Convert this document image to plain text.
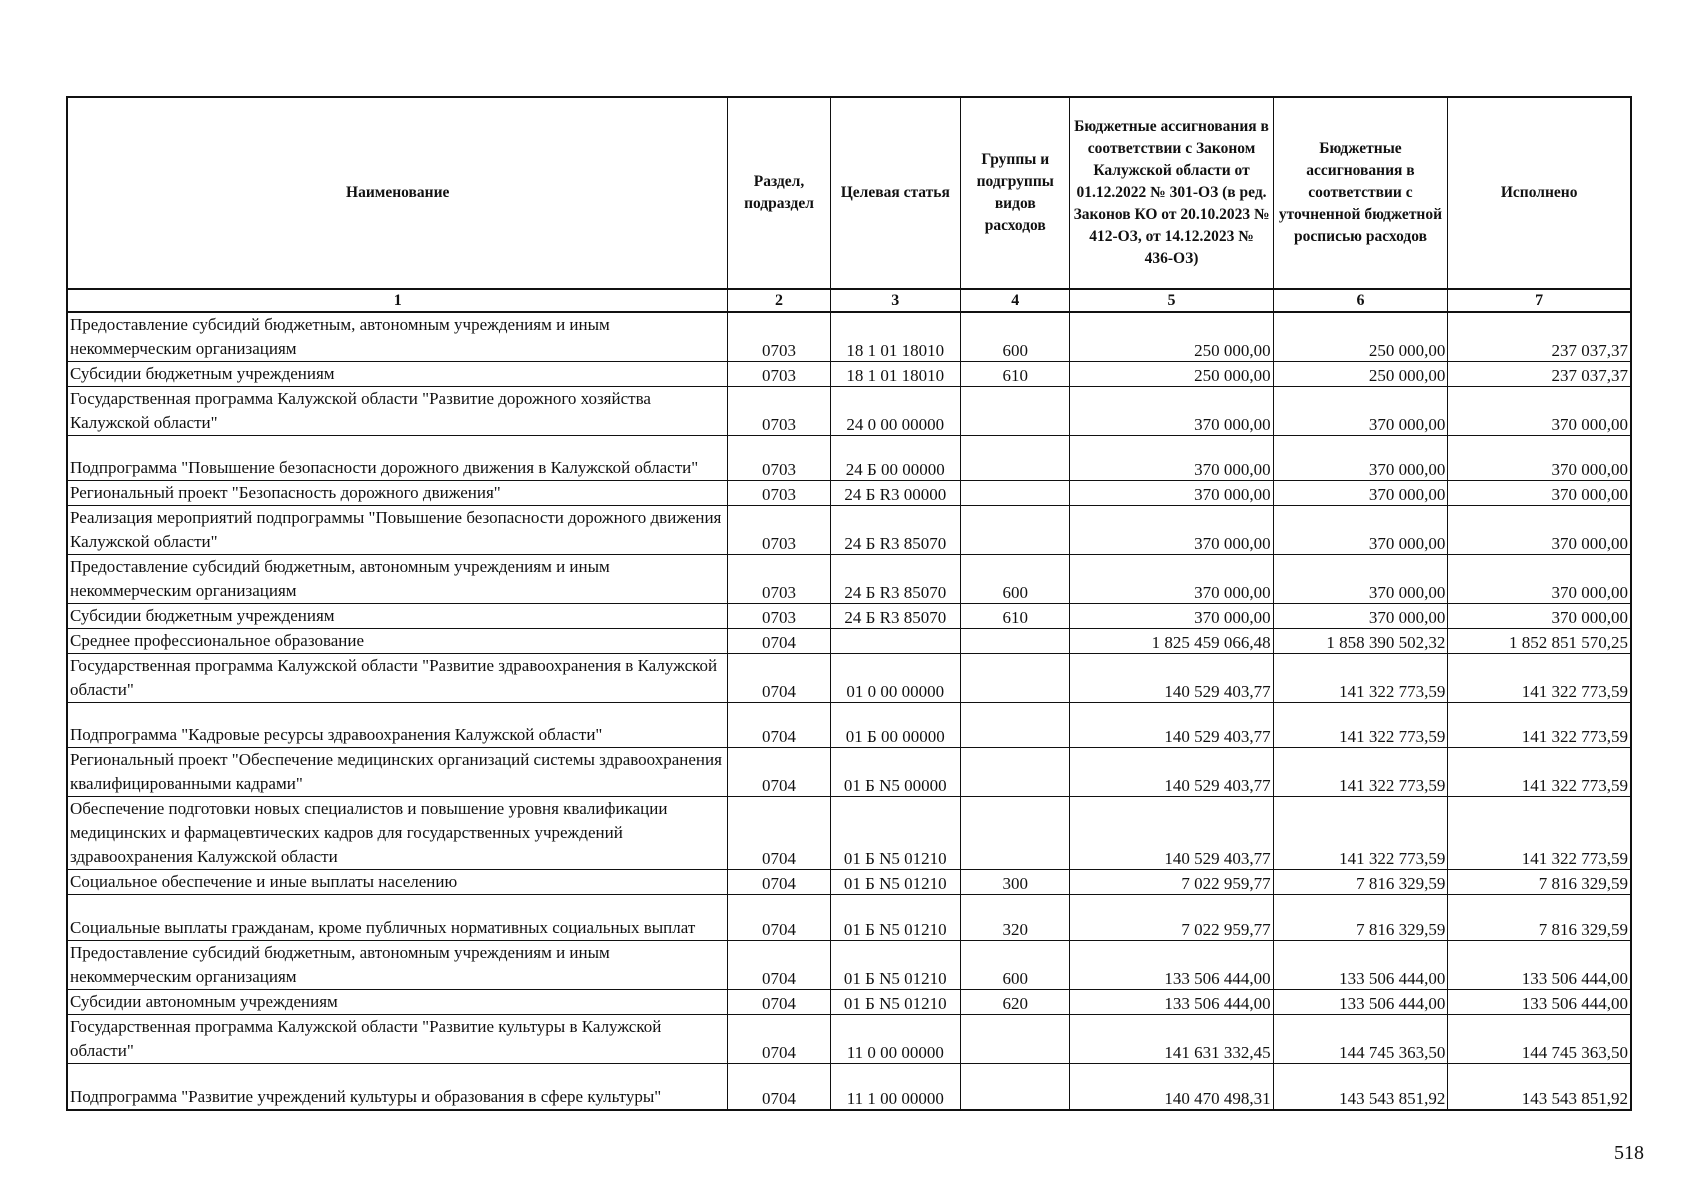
Наименование	Раздел, подраздел	Целевая статья	Группы и подгруппы видов расходов	Бюджетные ассигнования в соответствии с Законом Калужской области от 01.12.2022 № 301-ОЗ (в ред. Законов КО от 20.10.2023 № 412-ОЗ, от 14.12.2023 № 436-ОЗ)	Бюджетные ассигнования в соответствии с уточненной бюджетной росписью расходов	Исполнено
1	2	3	4	5	6	7
Предоставление субсидий бюджетным, автономным учреждениям и иным некоммерческим организациям	0703	18 1 01 18010	600	250 000,00	250 000,00	237 037,37
Субсидии бюджетным учреждениям	0703	18 1 01 18010	610	250 000,00	250 000,00	237 037,37
Государственная программа Калужской области "Развитие дорожного хозяйства Калужской области"	0703	24 0 00 00000		370 000,00	370 000,00	370 000,00
Подпрограмма "Повышение безопасности дорожного движения в Калужской области"	0703	24 Б 00 00000		370 000,00	370 000,00	370 000,00
Региональный проект "Безопасность дорожного движения"	0703	24 Б R3 00000		370 000,00	370 000,00	370 000,00
Реализация мероприятий подпрограммы "Повышение безопасности дорожного движения Калужской области"	0703	24 Б R3 85070		370 000,00	370 000,00	370 000,00
Предоставление субсидий бюджетным, автономным учреждениям и иным некоммерческим организациям	0703	24 Б R3 85070	600	370 000,00	370 000,00	370 000,00
Субсидии бюджетным учреждениям	0703	24 Б R3 85070	610	370 000,00	370 000,00	370 000,00
Среднее профессиональное образование	0704			1 825 459 066,48	1 858 390 502,32	1 852 851 570,25
Государственная программа Калужской области "Развитие здравоохранения в Калужской области"	0704	01 0 00 00000		140 529 403,77	141 322 773,59	141 322 773,59
Подпрограмма "Кадровые ресурсы здравоохранения Калужской области"	0704	01 Б 00 00000		140 529 403,77	141 322 773,59	141 322 773,59
Региональный проект "Обеспечение медицинских организаций системы здравоохранения квалифицированными кадрами"	0704	01 Б N5 00000		140 529 403,77	141 322 773,59	141 322 773,59
Обеспечение подготовки новых специалистов и повышение уровня квалификации медицинских и фармацевтических кадров для государственных учреждений здравоохранения Калужской области	0704	01 Б N5 01210		140 529 403,77	141 322 773,59	141 322 773,59
Социальное обеспечение и иные выплаты населению	0704	01 Б N5 01210	300	7 022 959,77	7 816 329,59	7 816 329,59
Социальные выплаты гражданам, кроме публичных нормативных социальных выплат	0704	01 Б N5 01210	320	7 022 959,77	7 816 329,59	7 816 329,59
Предоставление субсидий бюджетным, автономным учреждениям и иным некоммерческим организациям	0704	01 Б N5 01210	600	133 506 444,00	133 506 444,00	133 506 444,00
Субсидии автономным учреждениям	0704	01 Б N5 01210	620	133 506 444,00	133 506 444,00	133 506 444,00
Государственная программа Калужской области "Развитие культуры в Калужской области"	0704	11 0 00 00000		141 631 332,45	144 745 363,50	144 745 363,50
Подпрограмма "Развитие учреждений культуры и образования в сфере культуры"	0704	11 1 00 00000		140 470 498,31	143 543 851,92	143 543 851,92
518
